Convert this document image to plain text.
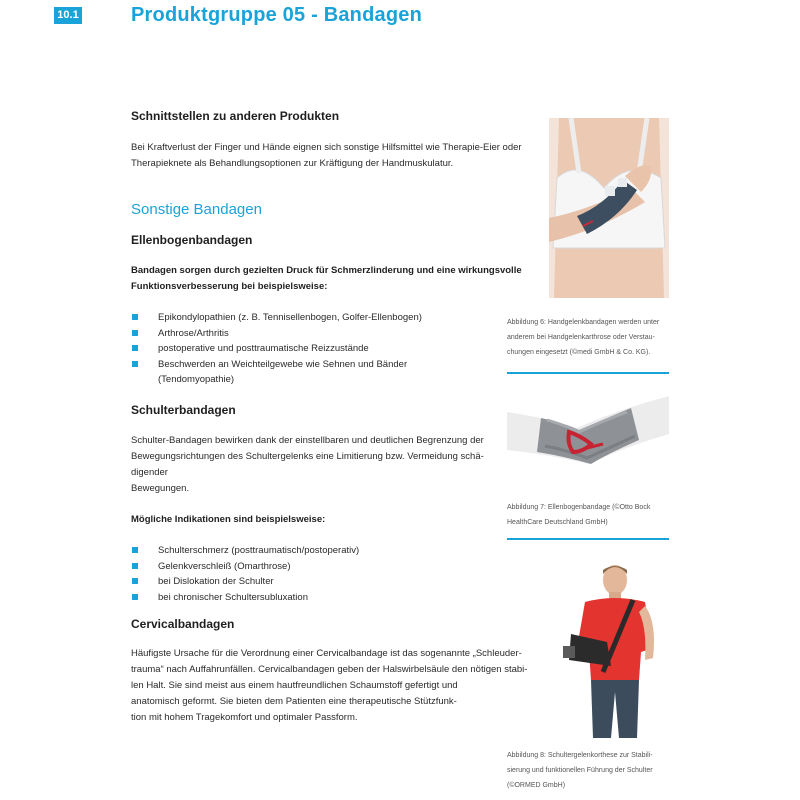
10.1	Produktgruppe 05 - Bandagen
Schnittstellen zu anderen Produkten
Bei Kraftverlust der Finger und Hände eignen sich sonstige Hilfsmittel wie Therapie-Eier oder
Therapieknete als Behandlungsoptionen zur Kräftigung der Handmuskulatur.
Sonstige Bandagen
Ellenbogenbandagen
Bandagen sorgen durch gezielten Druck für Schmerzlinderung und eine wirkungsvolle
Funktionsverbesserung bei beispielsweise:
Epikondylopathien (z. B. Tennisellenbogen, Golfer-Ellenbogen)
Arthrose/Arthritis
postoperative und posttraumatische Reizzustände
Beschwerden an Weichteilgewebe wie Sehnen und Bänder
(Tendomyopathie)
Schulterbandagen
Schulter-Bandagen bewirken dank der einstellbaren und deutlichen Begrenzung der
Bewegungsrichtungen des Schultergelenks eine Limitierung bzw. Vermeidung schä-
digender
Bewegungen.
Mögliche Indikationen sind beispielsweise:
Schulterschmerz (posttraumatisch/postoperativ)
Gelenkverschleiß (Omarthrose)
bei Dislokation der Schulter
bei chronischer Schultersubluxation
Cervicalbandagen
Häufigste Ursache für die Verordnung einer Cervicalbandage ist das sogenannte „Schleuder-
trauma“ nach Auffahrunfällen. Cervicalbandagen geben der Halswirbelsäule den nötigen stabi-
len Halt. Sie sind meist aus einem hautfreundlichen Schaumstoff gefertigt und
anatomisch geformt. Sie bieten dem Patienten eine therapeutische Stützfunk-
tion mit hohem Tragekomfort und optimaler Passform.
Abbildung 6: Handgelenkbandagen werden unter
anderem bei Handgelenkarthrose oder Verstau-
chungen eingesetzt (©medi GmbH & Co. KG).
Abbildung 7: Ellenbogenbandage (©Otto Bock
HealthCare Deutschland GmbH)
Abbildung 8: Schultergelenkorthese zur Stabili-
sierung und funktionellen Führung der Schulter
(©ORMED GmbH)
